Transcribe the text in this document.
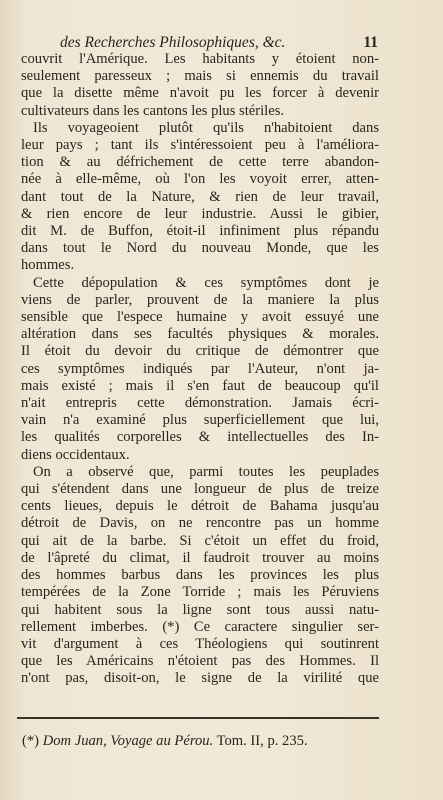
des Recherches Philosophiques, &c.	11

couvrit l'Amérique. Les habitants y étoient non-

seulement paresseux ; mais si ennemis du travail

que la disette même n'avoit pu les forcer à devenir

cultivateurs dans les cantons les plus stériles.

Ils voyageoient plutôt qu'ils n'habitoient dans

leur pays ; tant ils s'intéressoient peu à l'améliora-

tion & au défrichement de cette terre abandon-

née à elle-même, où l'on les voyoit errer, atten-

dant tout de la Nature, & rien de leur travail,

& rien encore de leur industrie. Aussi le gibier,

dit M. de Buffon, étoit-il infiniment plus répandu

dans tout le Nord du nouveau Monde, que les

hommes.

Cette dépopulation & ces symptômes dont je

viens de parler, prouvent de la maniere la plus

sensible que l'espece humaine y avoit essuyé une

altération dans ses facultés physiques & morales.

Il étoit du devoir du critique de démontrer que

ces symptômes indiqués par l'Auteur, n'ont ja-

mais existé ; mais il s'en faut de beaucoup qu'il

n'ait entrepris cette démonstration. Jamais écri-

vain n'a examiné plus superficiellement que lui,

les qualités corporelles & intellectuelles des In-

diens occidentaux.

On a observé que, parmi toutes les peuplades

qui s'étendent dans une longueur de plus de treize

cents lieues, depuis le détroit de Bahama jusqu'au

détroit de Davis, on ne rencontre pas un homme

qui ait de la barbe. Si c'étoit un effet du froid,

de l'âpreté du climat, il faudroit trouver au moins

des hommes barbus dans les provinces les plus

tempérées de la Zone Torride ; mais les Péruviens

qui habitent sous la ligne sont tous aussi natu-

rellement imberbes. (*) Ce caractere singulier ser-

vit d'argument à ces Théologiens qui soutinrent

que les Américains n'étoient pas des Hommes. Il

n'ont pas, disoit-on, le signe de la virilité que

(*) Dom Juan, Voyage au Pérou. Tom. II, p. 235.
